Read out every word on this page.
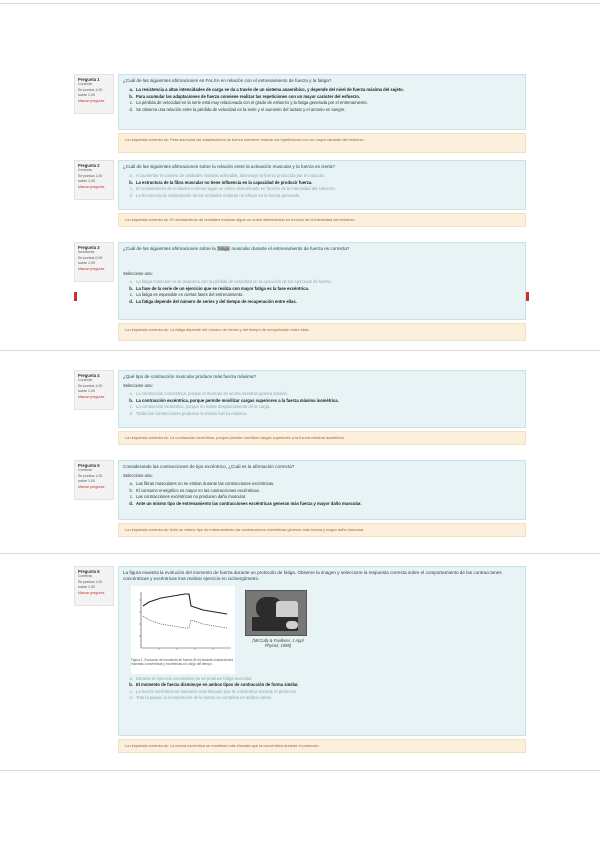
Pregunta 1
Correcta
Se puntúa 1,00 sobre 1,00
Marcar pregunta
¿Cuál de las siguientes afirmaciones es FALSA en relación con el entrenamiento de fuerza y la fatiga?
a. La resistencia a altas intensidades de carga se da a través de un sistema anaeróbico, y depende del nivel de fuerza máxima del sujeto.
b. Para acumular las adaptaciones de fuerza conviene realizar las repeticiones con un mayor carácter del esfuerzo.
c. La pérdida de velocidad en la serie está muy relacionada con el grado de esfuerzo y la fatiga generada por el entrenamiento.
d. Se observa una relación entre la pérdida de velocidad en la serie y el aumento del lactato y el amonio en sangre.
La respuesta correcta es: Para acumular las adaptaciones de fuerza conviene realizar las repeticiones con un mayor carácter del esfuerzo.
Pregunta 2
Correcta
Se puntúa 1,00 sobre 1,00
Marcar pregunta
¿Cuál de las siguientes afirmaciones sobre la relación entre la activación muscular y la fuerza es cierta?
a. Al aumentar el número de unidades motoras activadas, disminuye la fuerza producida por el músculo.
b. La estructura de la fibra muscular no tiene influencia en la capacidad de producir fuerza.
c. El reclutamiento de unidades motoras sigue un orden determinado en función de la intensidad del esfuerzo.
d. La frecuencia de estimulación de las unidades motoras no influye en la fuerza generada.
La respuesta correcta es: El reclutamiento de unidades motoras sigue un orden determinado en función de la intensidad del esfuerzo.
Pregunta 3
Incorrecta
Se puntúa 0,00 sobre 1,00
Marcar pregunta
¿Cuál de las siguientes afirmaciones sobre la fatiga muscular durante el entrenamiento de fuerza es correcta?
Seleccione una:
a. La fatiga muscular no se relaciona con la pérdida de velocidad en la ejecución de los ejercicios de fuerza.
b. La fase de la serie de un ejercicio que se realiza con mayor fatiga es la fase excéntrica.
c. La fatiga es esperable en ciertas fases del entrenamiento.
d. La fatiga depende del número de series y del tiempo de recuperación entre ellas.
La respuesta correcta es: La fatiga depende del número de series y del tiempo de recuperación entre ellas.
Pregunta 4
Correcta
Se puntúa 1,00 sobre 1,00
Marcar pregunta
¿Qué tipo de contracción muscular produce más fuerza máxima?
Seleccione una:
a. La contracción concéntrica, porque el músculo se acorta mientras genera tensión.
b. La contracción excéntrica, porque permite movilizar cargas superiores a la fuerza máxima isométrica.
c. La contracción isométrica, porque no existe desplazamiento de la carga.
d. Todas las contracciones producen la misma fuerza máxima.
La respuesta correcta es: La contracción excéntrica, porque permite movilizar cargas superiores a la fuerza máxima isométrica.
Pregunta 5
Correcta
Se puntúa 1,00 sobre 1,00
Marcar pregunta
Considerando las contracciones de tipo excéntrico, ¿Cuál es la afirmación correcta?
Seleccione una:
a. Las fibras musculares no se estiran durante las contracciones excéntricas.
b. El consumo energético es mayor en las contracciones excéntricas.
c. Las contracciones excéntricas no producen daño muscular.
d. Ante un mismo tipo de entrenamiento las contracciones excéntricas generan más fuerza y mayor daño muscular.
La respuesta correcta es: Ante un mismo tipo de entrenamiento las contracciones excéntricas generan más fuerza y mayor daño muscular.
Pregunta 6
Correcta
Se puntúa 1,00 sobre 1,00
Marcar pregunta
La figura muestra la evolución del momento de fuerza durante un protocolo de fatiga. Observe la imagen y seleccione la respuesta correcta sobre el comportamiento de las contracciones concéntricas y excéntricas tras realizar ejercicio en cicloergómetro.
Figura 1. Evolución del momento de fuerza (N·m) durante contracciones máximas concéntricas y excéntricas a lo largo del tiempo.
(McCully & Faulkner, J Appl Physiol, 1985)
a. Durante el ejercicio concéntrico no se produce fatiga muscular.
b. El momento de fuerza disminuye en ambos tipos de contracción de forma similar.
c. La fuerza excéntrica se mantiene más elevada que la concéntrica durante el protocolo.
d. Tras la pausa, la recuperación de la fuerza es completa en ambos casos.
La respuesta correcta es: La fuerza excéntrica se mantiene más elevada que la concéntrica durante el protocolo.
